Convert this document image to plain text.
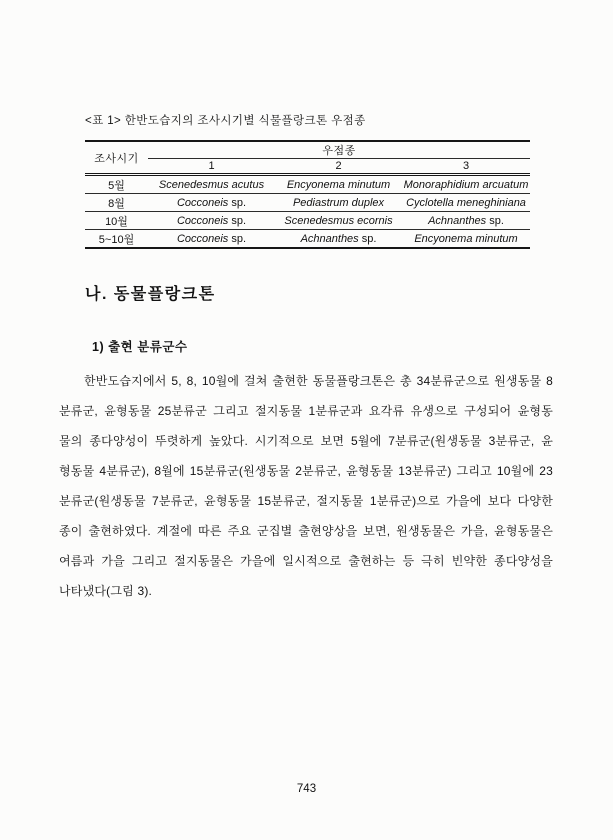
<표 1> 한반도습지의 조사시기별 식물플랑크톤 우점종
조사시기	우점종		
	1	2	3
5월	Scenedesmus acutus	Encyonema minutum	Monoraphidium arcuatum
8월	Cocconeis sp.	Pediastrum duplex	Cyclotella meneghiniana
10월	Cocconeis sp.	Scenedesmus ecornis	Achnanthes sp.
5~10월	Cocconeis sp.	Achnanthes sp.	Encyonema minutum
나. 동물플랑크톤
1) 출현 분류군수
한반도습지에서 5, 8, 10월에 걸쳐 출현한 동물플랑크톤은 총 34분류군으로 원생동물 8
분류군, 윤형동물 25분류군 그리고 절지동물 1분류군과 요각류 유생으로 구성되어 윤형동
물의 종다양성이 뚜렷하게 높았다. 시기적으로 보면 5월에 7분류군(원생동물 3분류군, 윤
형동물 4분류군), 8월에 15분류군(원생동물 2분류군, 윤형동물 13분류군) 그리고 10월에 23
분류군(원생동물 7분류군, 윤형동물 15분류군, 절지동물 1분류군)으로 가을에 보다 다양한
종이 출현하였다. 계절에 따른 주요 군집별 출현양상을 보면, 원생동물은 가을, 윤형동물은
여름과 가을 그리고 절지동물은 가을에 일시적으로 출현하는 등 극히 빈약한 종다양성을
나타냈다(그림 3).
743
